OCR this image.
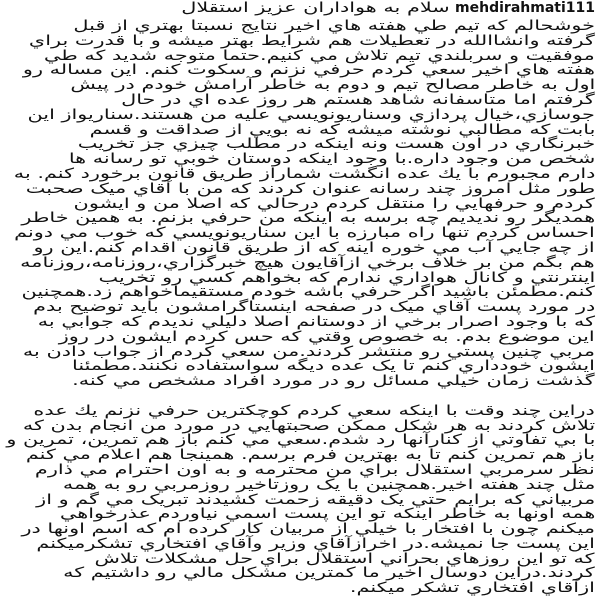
mehdirahmati111سلام به هواداران عزيز استقلال
خوشحالم كه تيم طي هفته هاي اخير نتايج نسبتا بهتري از قبل
گرفته وانشاالله در تعطيلات هم شرايط بهتر ميشه و با قدرت براي
موفقيت و سربلندي تيم تلاش مي كنيم.حتما متوجه شديد كه طي
هفته هاي اخير سعي كردم حرفي نزنم و سكوت كنم. اين مساله رو
اول به خاطر مصالح تيم و دوم به خاطر آرامش خودم در پيش
گرفتم اما متاسفانه شاهد هستم هر روز عده اي در حال
جوسازي،خيال پردازي وسناريونويسي عليه من هستند.سناريواز اين
بابت كه مطالبي نوشته ميشه كه نه بويي از صداقت و قسم
خبرنگاري در اون هست ونه اينكه در مطلب چيزي جز تخريب
شخص من وجود داره.با وجود اينكه دوستان خوبي تو رسانه ها
دارم مجبورم با يك عده انگشت شماراز طريق قانون برخورد كنم. به
طور مثل امروز چند رسانه عنوان كردند كه من با آقاي ميک صحبت
كردم و حرفهايي را منتقل كردم درحالي كه اصلا من و ايشون
همديگر رو نديديم چه برسه به اينكه من حرفي بزنم. به همين خاطر
احساس كردم تنها راه مبارزه با اين سناريونويسي كه خوب مي دونم
از چه جايي آب مي خوره اينه كه از طريق قانون اقدام كنم.اين رو
هم بگم من بر خلاف برخي ازآقايون هيچ خبرگزاري،روزنامه،روزنامه
اينترنتي و كانال هواداري ندارم كه بخواهم كسي رو تخريب
كنم.مطمئن باشيد اگر حرفي باشه خودم مستقيماخواهم زد.همچنين
در مورد پست آقاي ميک در صفحه اينستاگرامشون بايد توضيح بدم
كه با وجود اصرار برخي از دوستانم اصلا دليلي نديدم كه جوابي به
اين موضوع بدم. به خصوص وقتي كه حس كردم ايشون در روز
مربي چنين پستي رو منتشر كردند.من سعي كردم از جواب دادن به
ايشون خودداري كنم تا يک عده ديگه سواستفاده نكنند.مطمئنا
گذشت زمان خيلي مسائل رو در مورد افراد مشخص مي كنه.
دراين چند وقت با اينكه سعي كردم كوچكترين حرفي نزنم يك عده
تلاش كردند به هر شكل ممكن صحبتهايي در مورد من انجام بدن كه
با بي تفاوتي از كنارآنها رد شدم.سعي مي كنم باز هم تمرين، تمرين و
باز هم تمرين كنم تا به بهترين فرم برسم. همينجا هم اعلام مي كنم
نظر سرمربي استقلال براي من محترمه و به اون احترام مي ذارم
مثل چند هفته اخير.همچنين با يک روزتاخير روزمربي رو به همه
مربياني كه برايم حتي يک دقيقه زحمت كشيدند تبريک مي گم و از
همه اونها به خاطر اينكه تو اين پست اسمي نياوردم عذرخواهي
ميكنم چون با افتخار با خيلي از مربيان كار كرده ام كه اسم اونها در
اين پست جا نميشه.در اخرازآقاي وزير وآقاي افتخاري تشكرميكنم
كه تو اين روزهاي بحراني استقلال براي حل مشكلات تلاش
كردند.دراين دوسال اخير ما كمترين مشكل مالي رو داشتيم كه
ازآقاي افتخاري تشكر ميكنم.
